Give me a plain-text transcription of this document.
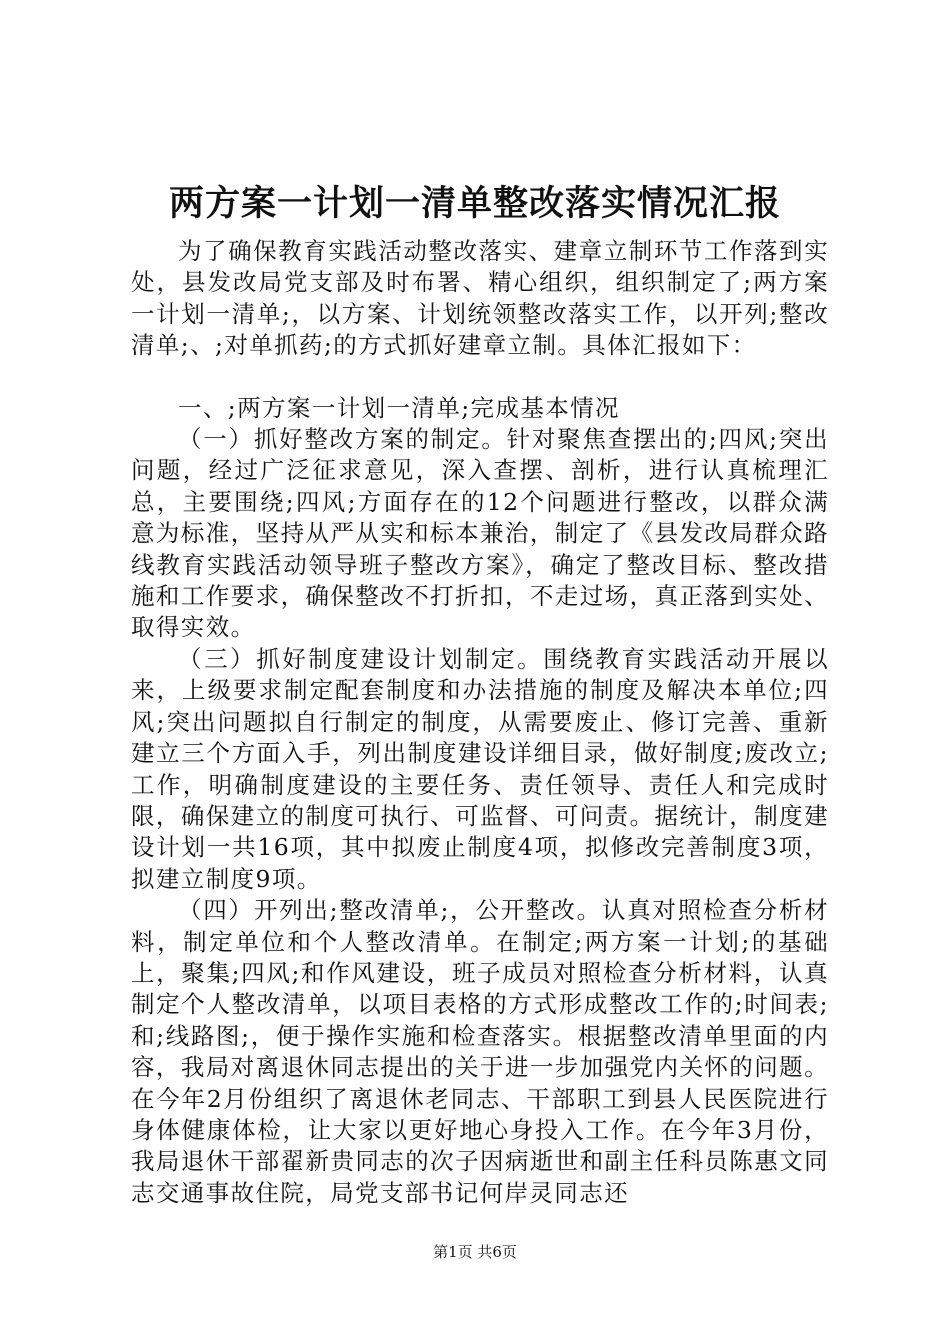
两方案一计划一清单整改落实情况汇报

为了确保教育实践活动整改落实、建章立制环节工作落到实处，县发改局党支部及时布署、精心组织，组织制定了;两方案一计划一清单;，以方案、计划统领整改落实工作，以开列;整改清单;、;对单抓药;的方式抓好建章立制。具体汇报如下：

一、;两方案一计划一清单;完成基本情况

（一）抓好整改方案的制定。针对聚焦查摆出的;四风;突出问题，经过广泛征求意见，深入查摆、剖析，进行认真梳理汇总，主要围绕;四风;方面存在的12个问题进行整改，以群众满意为标准，坚持从严从实和标本兼治，制定了《县发改局群众路线教育实践活动领导班子整改方案》，确定了整改目标、整改措施和工作要求，确保整改不打折扣，不走过场，真正落到实处、取得实效。

（三）抓好制度建设计划制定。围绕教育实践活动开展以来，上级要求制定配套制度和办法措施的制度及解决本单位;四风;突出问题拟自行制定的制度，从需要废止、修订完善、重新建立三个方面入手，列出制度建设详细目录，做好制度;废改立;工作，明确制度建设的主要任务、责任领导、责任人和完成时限，确保建立的制度可执行、可监督、可问责。据统计，制度建设计划一共16项，其中拟废止制度4项，拟修改完善制度3项，拟建立制度9项。

（四）开列出;整改清单;，公开整改。认真对照检查分析材料，制定单位和个人整改清单。在制定;两方案一计划;的基础上，聚集;四风;和作风建设，班子成员对照检查分析材料，认真制定个人整改清单，以项目表格的方式形成整改工作的;时间表;和;线路图;，便于操作实施和检查落实。根据整改清单里面的内容，我局对离退休同志提出的关于进一步加强党内关怀的问题。在今年2月份组织了离退休老同志、干部职工到县人民医院进行身体健康体检，让大家以更好地心身投入工作。在今年3月份，我局退休干部翟新贵同志的次子因病逝世和副主任科员陈惠文同志交通事故住院，局党支部书记何岸灵同志还

第1页 共6页
